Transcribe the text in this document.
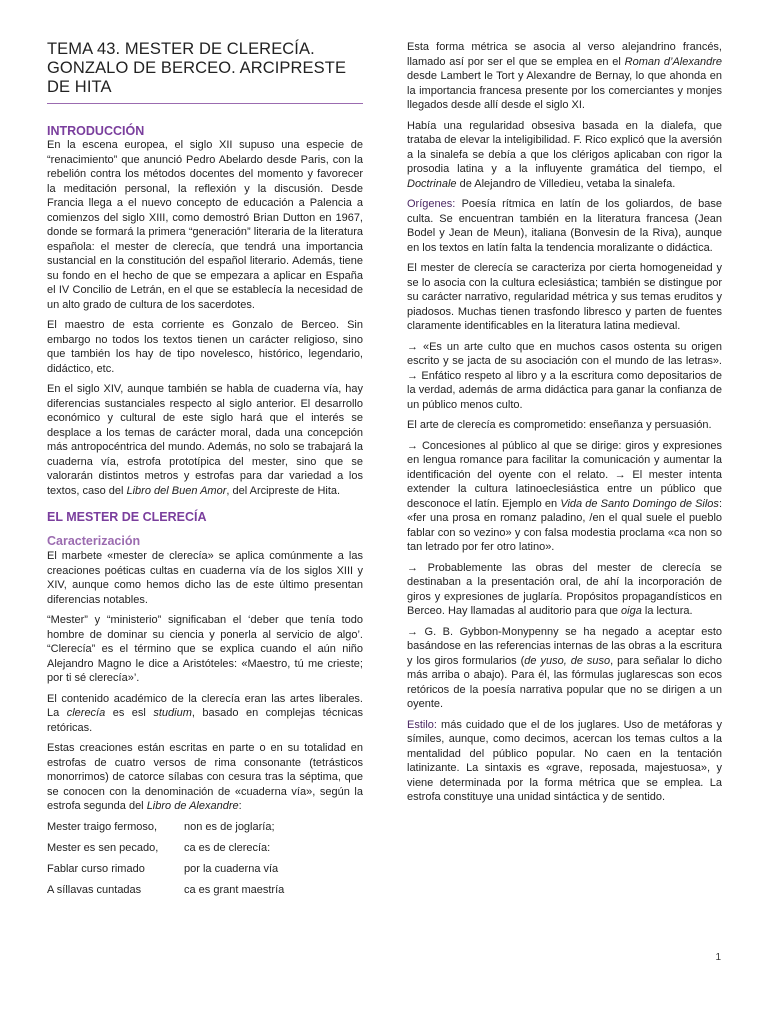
TEMA 43. MESTER DE CLERECÍA. GONZALO DE BERCEO. ARCIPRESTE DE HITA
INTRODUCCIÓN

En la escena europea, el siglo XII supuso una especie de “renacimiento” que anunció Pedro Abelardo desde Paris, con la rebelión contra los métodos docentes del momento y favorecer la meditación personal, la reflexión y la discusión. Desde Francia llega a el nuevo concepto de educación a Palencia a comienzos del siglo XIII, como demostró Brian Dutton en 1967, donde se formará la primera “generación” literaria de la literatura española: el mester de clerecía, que tendrá una importancia sustancial en la constitución del español literario. Además, tiene su fondo en el hecho de que se empezara a aplicar en España el IV Concilio de Letrán, en el que se establecía la necesidad de un alto grado de cultura de los sacerdotes.

El maestro de esta corriente es Gonzalo de Berceo. Sin embargo no todos los textos tienen un carácter religioso, sino que también los hay de tipo novelesco, histórico, legendario, didáctico, etc.

En el siglo XIV, aunque también se habla de cuaderna vía, hay diferencias sustanciales respecto al siglo anterior. El desarrollo económico y cultural de este siglo hará que el interés se desplace a los temas de carácter moral, dada una concepción más antropocéntrica del mundo. Además, no solo se trabajará la cuaderna vía, estrofa prototípica del mester, sino que se valorarán distintos metros y estrofas para dar variedad a los textos, caso del Libro del Buen Amor, del Arcipreste de Hita.

EL MESTER DE CLERECÍA
Caracterización

El marbete «mester de clerecía» se aplica comúnmente a las creaciones poéticas cultas en cuaderna vía de los siglos XIII y XIV, aunque como hemos dicho las de este último presentan diferencias notables.

“Mester” y “ministerio” significaban el ‘deber que tenía todo hombre de dominar su ciencia y ponerla al servicio de algo’. “Clerecía” es el término que se explica cuando el aún niño Alejandro Magno le dice a Aristóteles: «Maestro, tú me crieste; por ti sé clerecía»’.

El contenido académico de la clerecía eran las artes liberales. La clerecía es esl studium, basado en complejas técnicas retóricas.

Estas creaciones están escritas en parte o en su totalidad en estrofas de cuatro versos de rima consonante (tetrásticos monorrimos) de catorce sílabas con cesura tras la séptima, que se conocen con la denominación de «cuaderna vía», según la estrofa segunda del Libro de Alexandre:

Mester traigo fermoso,	non es de joglaría;
Mester es sen pecado,	ca es de clerecía:
Fablar curso rimado	por la cuaderna vía
A síllavas cuntadas	ca es grant maestría

Esta forma métrica se asocia al verso alejandrino francés, llamado así por ser el que se emplea en el Roman d’Alexandre desde Lambert le Tort y Alexandre de Bernay, lo que ahonda en la importancia francesa presente por los comerciantes y monjes llegados desde allí desde el siglo XI.

Había una regularidad obsesiva basada en la dialefa, que trataba de elevar la inteligibilidad. F. Rico explicó que la aversión a la sinalefa se debía a que los clérigos aplicaban con rigor la prosodia latina y a la influyente gramática del tiempo, el Doctrinale de Alejandro de Villedieu, vetaba la sinalefa.

Orígenes: Poesía rítmica en latín de los goliardos, de base culta. Se encuentran también en la literatura francesa (Jean Bodel y Jean de Meun), italiana (Bonvesin de la Riva), aunque en los textos en latín falta la tendencia moralizante o didáctica.

El mester de clerecía se caracteriza por cierta homogeneidad y se lo asocia con la cultura eclesiástica; también se distingue por su carácter narrativo, regularidad métrica y sus temas eruditos y piadosos. Muchas tienen trasfondo libresco y parten de fuentes claramente identificables en la literatura latina medieval.

→ «Es un arte culto que en muchos casos ostenta su origen escrito y se jacta de su asociación con el mundo de las letras». → Enfático respeto al libro y a la escritura como depositarios de la verdad, además de arma didáctica para ganar la confianza de un público menos culto.

El arte de clerecía es comprometido: enseñanza y persuasión.

→ Concesiones al público al que se dirige: giros y expresiones en lengua romance para facilitar la comunicación y aumentar la identificación del oyente con el relato. → El mester intenta extender la cultura latinoeclesiástica entre un público que desconoce el latín. Ejemplo en Vida de Santo Domingo de Silos: «fer una prosa en romanz paladino, /en el qual suele el pueblo fablar con so vezino» y con falsa modestia proclama «ca non so tan letrado por fer otro latino».

→ Probablemente las obras del mester de clerecía se destinaban a la presentación oral, de ahí la incorporación de giros y expresiones de juglaría. Propósitos propagandísticos en Berceo. Hay llamadas al auditorio para que oiga la lectura.

→ G. B. Gybbon-Monypenny se ha negado a aceptar esto basándose en las referencias internas de las obras a la escritura y los giros formularios (de yuso, de suso, para señalar lo dicho más arriba o abajo). Para él, las fórmulas juglarescas son ecos retóricos de la poesía narrativa popular que no se dirigen a un oyente.

Estilo: más cuidado que el de los juglares. Uso de metáforas y símiles, aunque, como decimos, acercan los temas cultos a la mentalidad del público popular. No caen en la tentación latinizante. La sintaxis es «grave, reposada, majestuosa», y viene determinada por la forma métrica que se emplea. La estrofa constituye una unidad sintáctica y de sentido.

1
